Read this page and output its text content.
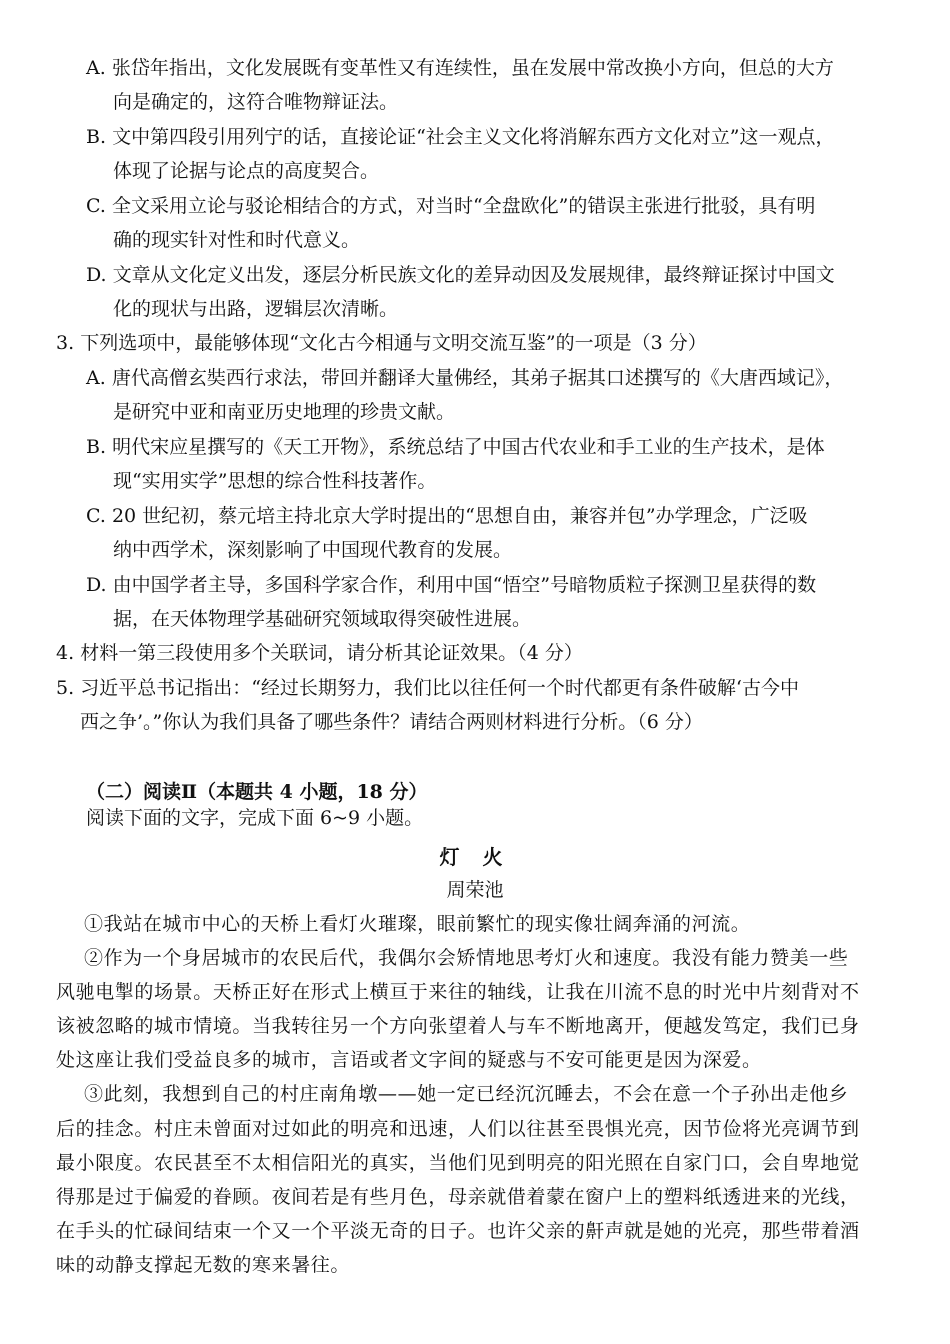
A. 张岱年指出，文化发展既有变革性又有连续性，虽在发展中常改换小方向，但总的大方
向是确定的，这符合唯物辩证法。
B. 文中第四段引用列宁的话，直接论证“社会主义文化将消解东西方文化对立”这一观点，
体现了论据与论点的高度契合。
C. 全文采用立论与驳论相结合的方式，对当时“全盘欧化”的错误主张进行批驳，具有明
确的现实针对性和时代意义。
D. 文章从文化定义出发，逐层分析民族文化的差异动因及发展规律，最终辩证探讨中国文
化的现状与出路，逻辑层次清晰。
3. 下列选项中，最能够体现“文化古今相通与文明交流互鉴”的一项是（3 分）
A. 唐代高僧玄奘西行求法，带回并翻译大量佛经，其弟子据其口述撰写的《大唐西域记》，
是研究中亚和南亚历史地理的珍贵文献。
B. 明代宋应星撰写的《天工开物》，系统总结了中国古代农业和手工业的生产技术，是体
现“实用实学”思想的综合性科技著作。
C. 20 世纪初，蔡元培主持北京大学时提出的“思想自由，兼容并包”办学理念，广泛吸
纳中西学术，深刻影响了中国现代教育的发展。
D. 由中国学者主导，多国科学家合作，利用中国“悟空”号暗物质粒子探测卫星获得的数
据，在天体物理学基础研究领域取得突破性进展。
4. 材料一第三段使用多个关联词，请分析其论证效果。（4 分）
5. 习近平总书记指出：“经过长期努力，我们比以往任何一个时代都更有条件破解‘古今中
西之争’。”你认为我们具备了哪些条件？请结合两则材料进行分析。（6 分）
（二）阅读Ⅱ（本题共 4 小题，18 分）
阅读下面的文字，完成下面 6~9 小题。
灯 火
周荣池
①我站在城市中心的天桥上看灯火璀璨，眼前繁忙的现实像壮阔奔涌的河流。
②作为一个身居城市的农民后代，我偶尔会矫情地思考灯火和速度。我没有能力赞美一些
风驰电掣的场景。天桥正好在形式上横亘于来往的轴线，让我在川流不息的时光中片刻背对不
该被忽略的城市情境。当我转往另一个方向张望着人与车不断地离开，便越发笃定，我们已身
处这座让我们受益良多的城市，言语或者文字间的疑惑与不安可能更是因为深爱。
③此刻，我想到自己的村庄南角墩——她一定已经沉沉睡去，不会在意一个子孙出走他乡
后的挂念。村庄未曾面对过如此的明亮和迅速，人们以往甚至畏惧光亮，因节俭将光亮调节到
最小限度。农民甚至不太相信阳光的真实，当他们见到明亮的阳光照在自家门口，会自卑地觉
得那是过于偏爱的眷顾。夜间若是有些月色，母亲就借着蒙在窗户上的塑料纸透进来的光线，
在手头的忙碌间结束一个又一个平淡无奇的日子。也许父亲的鼾声就是她的光亮，那些带着酒
味的动静支撑起无数的寒来暑往。
